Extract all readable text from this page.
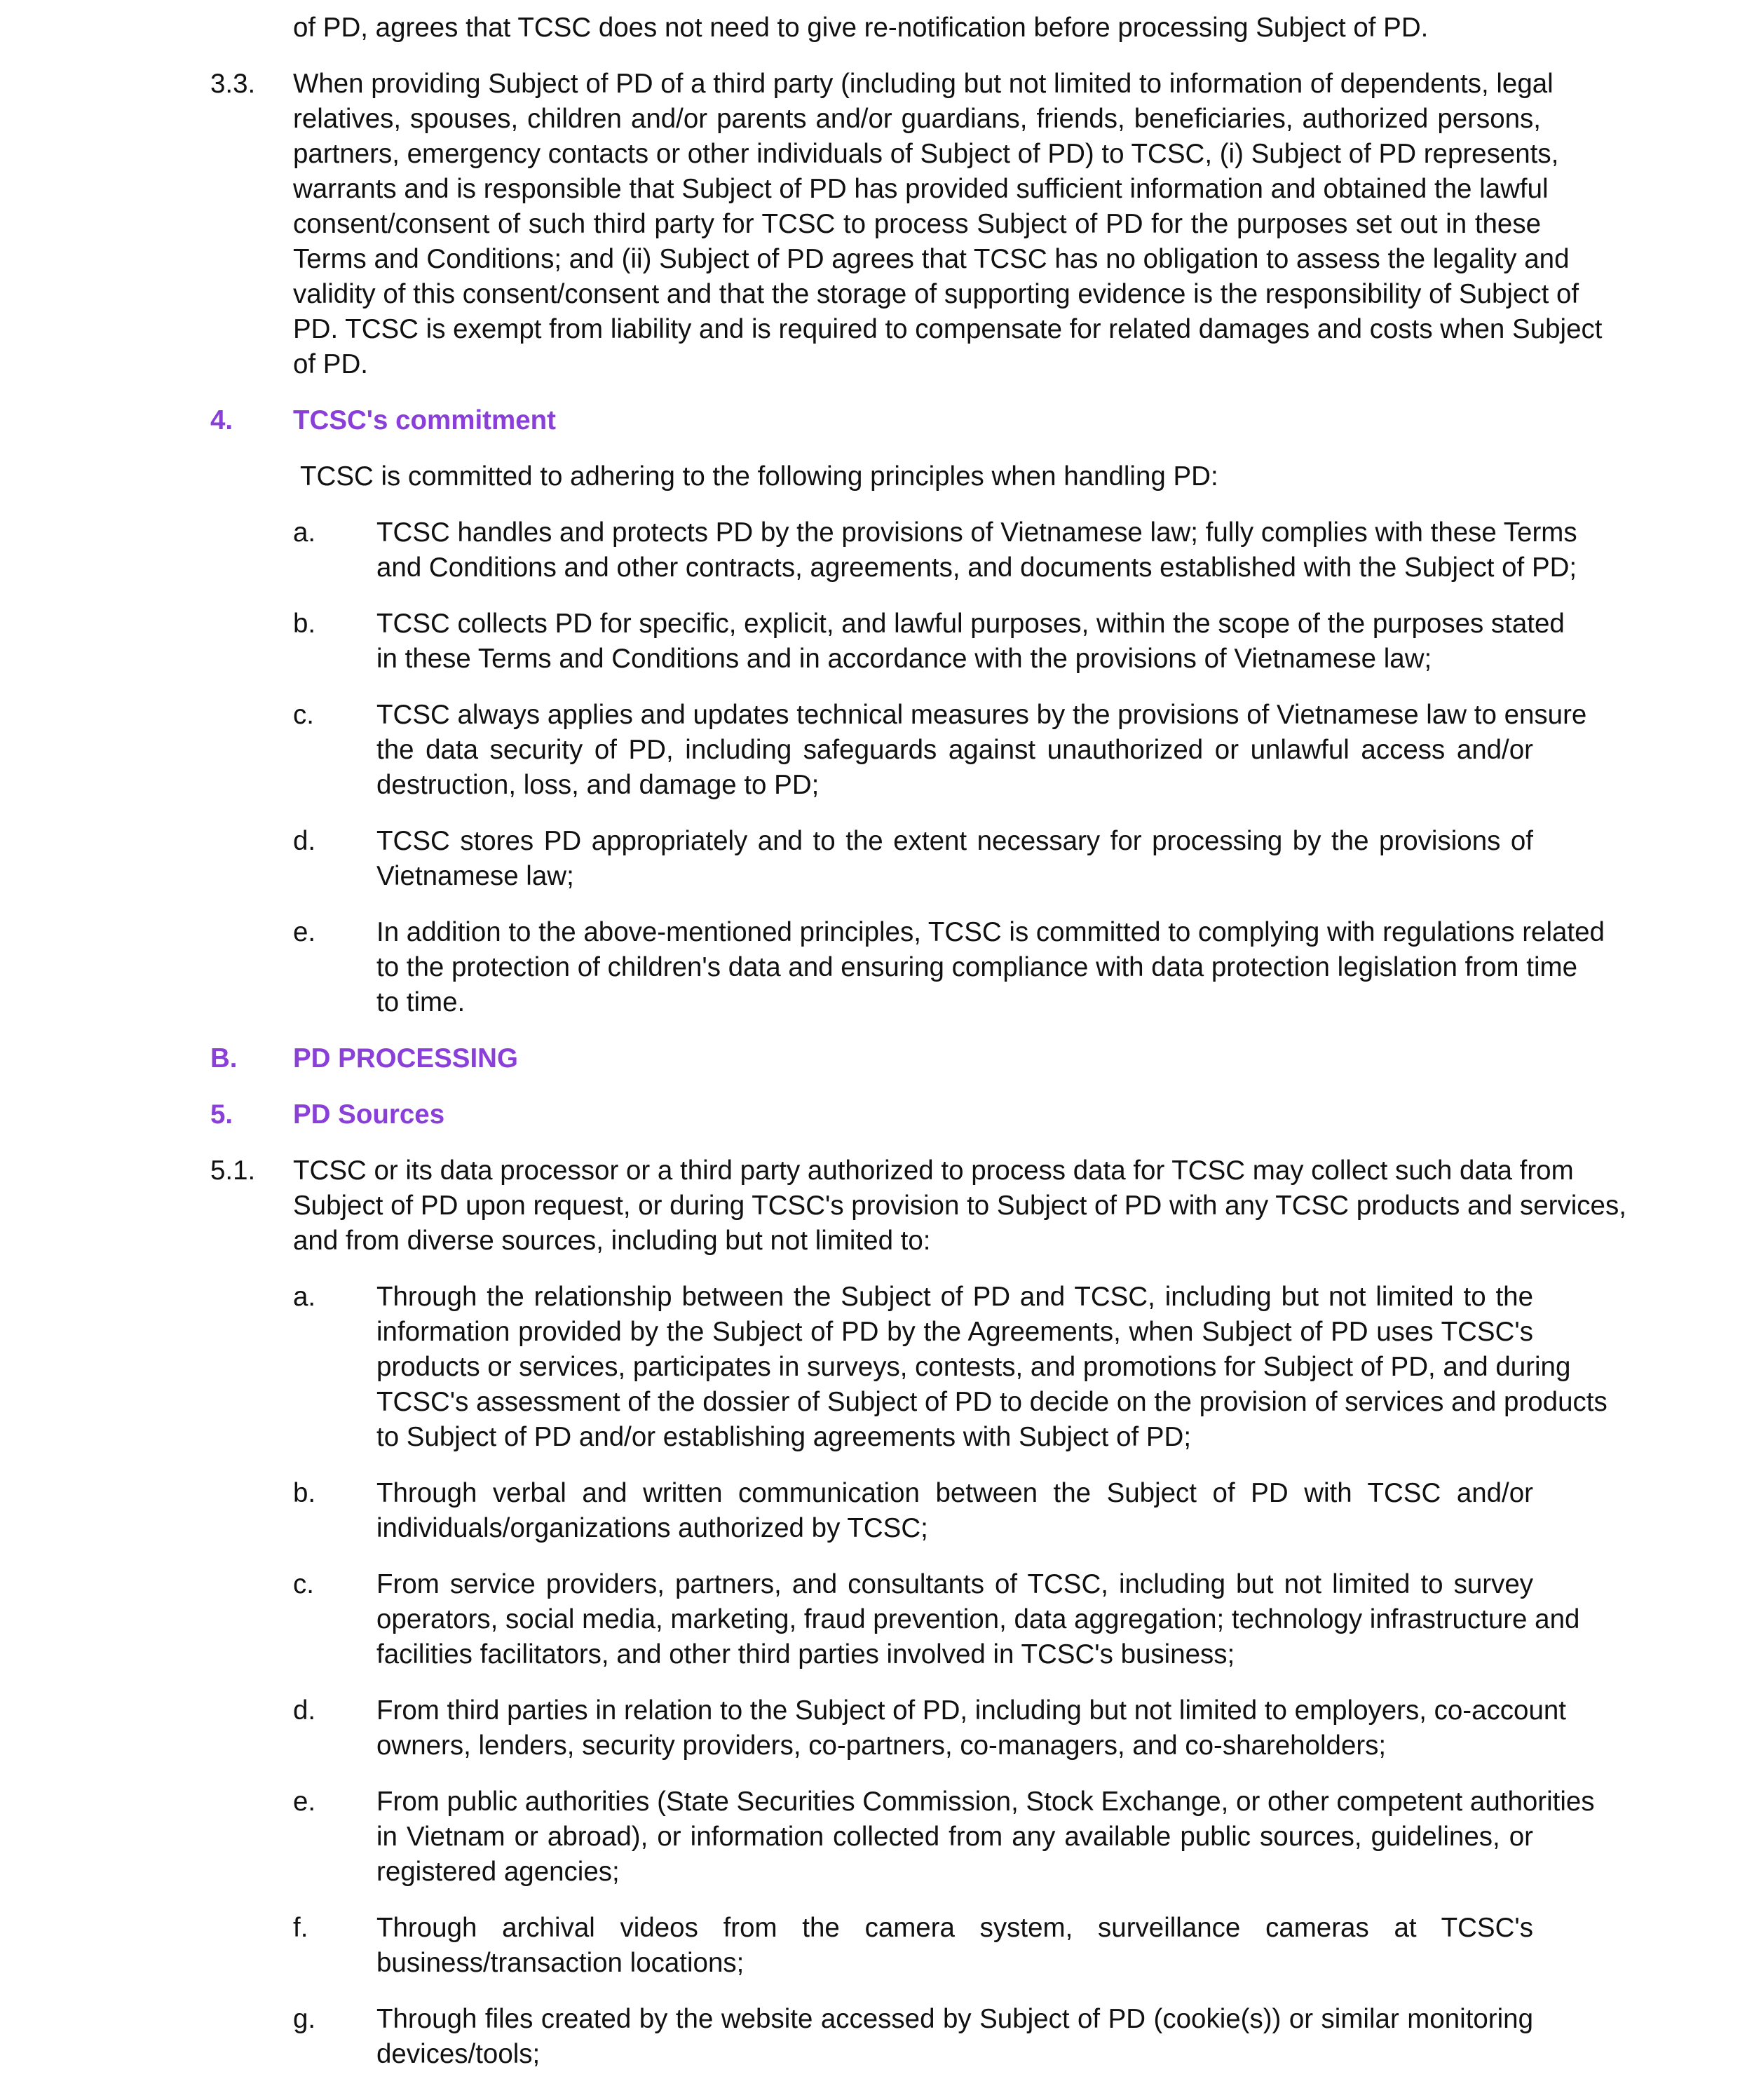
of PD, agrees that TCSC does not need to give re-notification before processing Subject of PD.
3.3. When providing Subject of PD of a third party (including but not limited to information of dependents, legal
relatives, spouses, children and/or parents and/or guardians, friends, beneficiaries, authorized persons,
partners, emergency contacts or other individuals of Subject of PD) to TCSC, (i) Subject of PD represents,
warrants and is responsible that Subject of PD has provided sufficient information and obtained the lawful
consent/consent of such third party for TCSC to process Subject of PD for the purposes set out in these
Terms and Conditions; and (ii) Subject of PD agrees that TCSC has no obligation to assess the legality and
validity of this consent/consent and that the storage of supporting evidence is the responsibility of Subject of
PD. TCSC is exempt from liability and is required to compensate for related damages and costs when Subject
of PD.
4. TCSC's commitment
TCSC is committed to adhering to the following principles when handling PD:
a. TCSC handles and protects PD by the provisions of Vietnamese law; fully complies with these Terms
and Conditions and other contracts, agreements, and documents established with the Subject of PD;
b. TCSC collects PD for specific, explicit, and lawful purposes, within the scope of the purposes stated
in these Terms and Conditions and in accordance with the provisions of Vietnamese law;
c. TCSC always applies and updates technical measures by the provisions of Vietnamese law to ensure
the data security of PD, including safeguards against unauthorized or unlawful access and/or
destruction, loss, and damage to PD;
d. TCSC stores PD appropriately and to the extent necessary for processing by the provisions of
Vietnamese law;
e. In addition to the above-mentioned principles, TCSC is committed to complying with regulations related
to the protection of children's data and ensuring compliance with data protection legislation from time
to time.
B. PD PROCESSING
5. PD Sources
5.1. TCSC or its data processor or a third party authorized to process data for TCSC may collect such data from
Subject of PD upon request, or during TCSC's provision to Subject of PD with any TCSC products and services,
and from diverse sources, including but not limited to:
a. Through the relationship between the Subject of PD and TCSC, including but not limited to the
information provided by the Subject of PD by the Agreements, when Subject of PD uses TCSC's
products or services, participates in surveys, contests, and promotions for Subject of PD, and during
TCSC's assessment of the dossier of Subject of PD to decide on the provision of services and products
to Subject of PD and/or establishing agreements with Subject of PD;
b. Through verbal and written communication between the Subject of PD with TCSC and/or
individuals/organizations authorized by TCSC;
c. From service providers, partners, and consultants of TCSC, including but not limited to survey
operators, social media, marketing, fraud prevention, data aggregation; technology infrastructure and
facilities facilitators, and other third parties involved in TCSC's business;
d. From third parties in relation to the Subject of PD, including but not limited to employers, co-account
owners, lenders, security providers, co-partners, co-managers, and co-shareholders;
e. From public authorities (State Securities Commission, Stock Exchange, or other competent authorities
in Vietnam or abroad), or information collected from any available public sources, guidelines, or
registered agencies;
f.	Through archival videos from the camera system, surveillance cameras at TCSC's
business/transaction locations;
g. Through files created by the website accessed by Subject of PD (cookie(s)) or similar monitoring
devices/tools;
